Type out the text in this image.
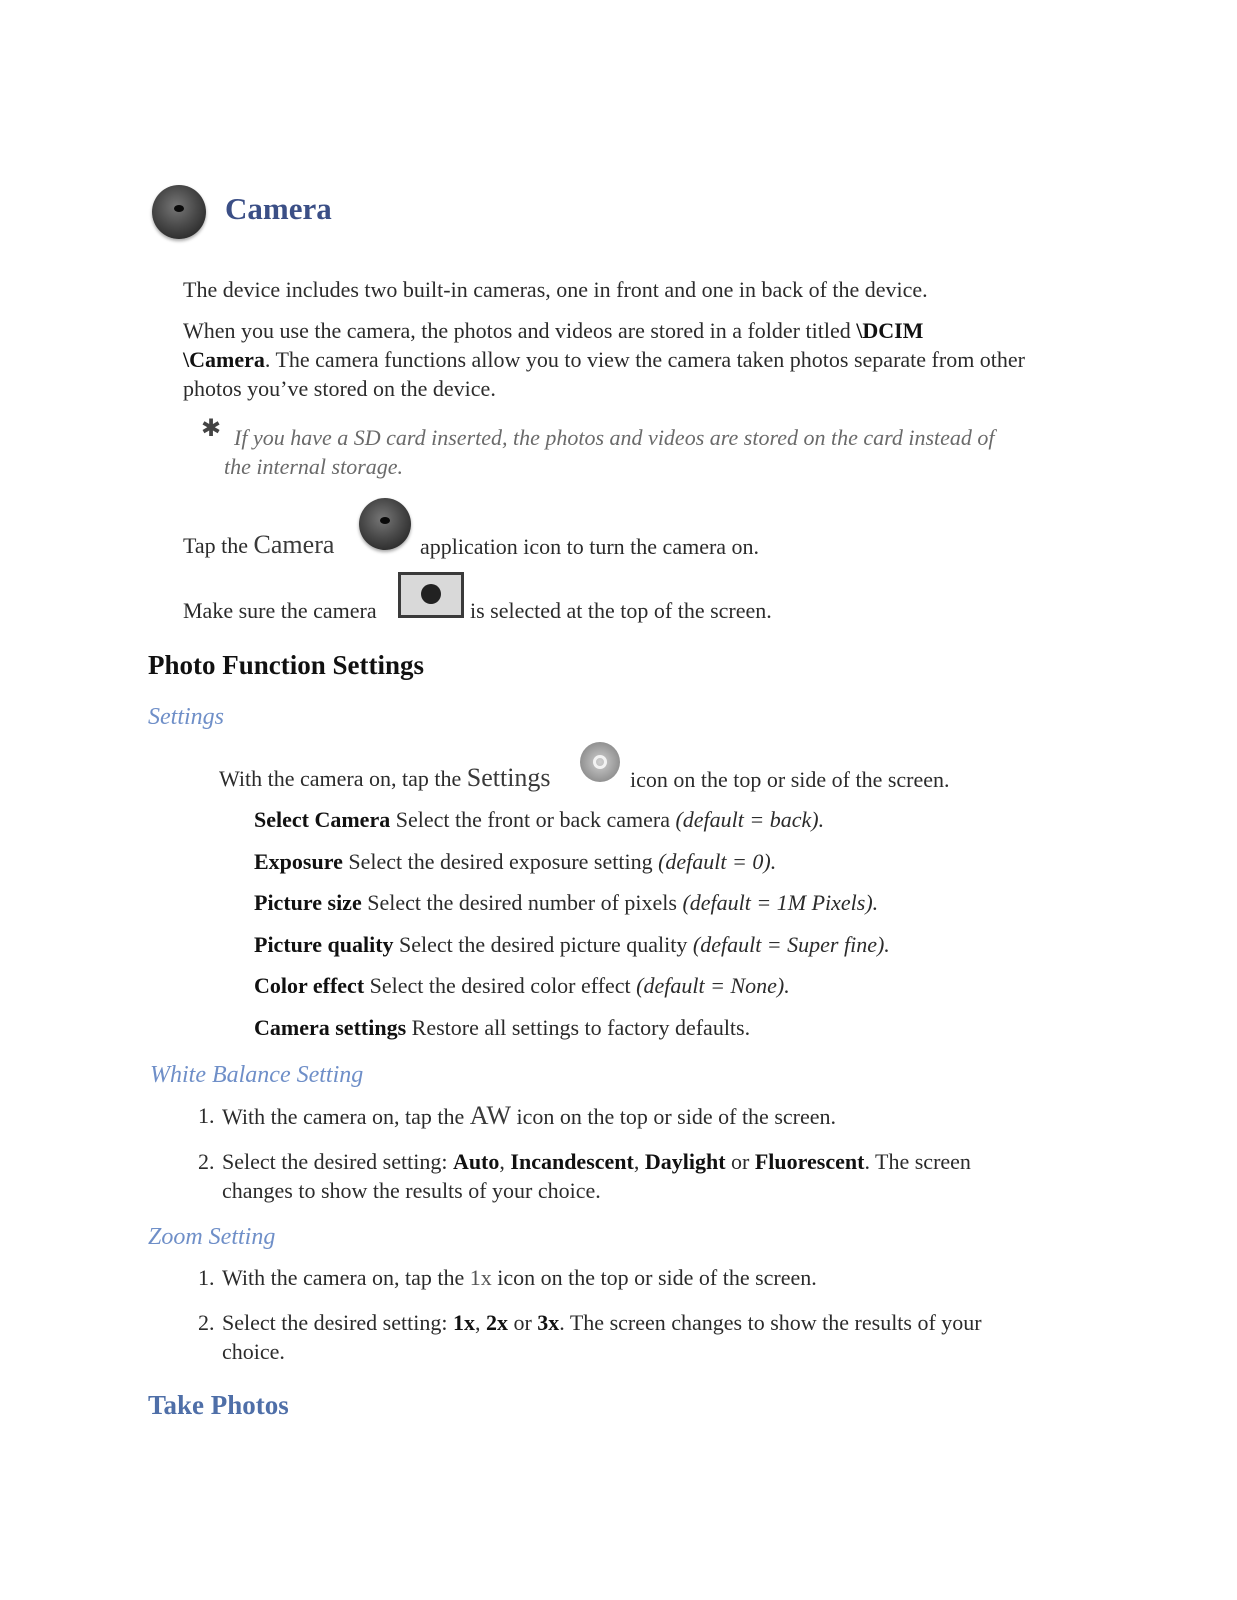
Camera
The device includes two built-in cameras, one in front and one in back of the device.
When you use the camera, the photos and videos are stored in a folder titled \DCIM
\Camera. The camera functions allow you to view the camera taken photos separate from other photos you’ve stored on the device.
✱ If you have a SD card inserted, the photos and videos are stored on the card instead of
the internal storage.
Tap the Camera	application icon to turn the camera on.
Make sure the camera	is selected at the top of the screen.
Photo Function Settings
Settings
With the camera on, tap the Settings	icon on the top or side of the screen.
Select Camera Select the front or back camera (default = back).
Exposure Select the desired exposure setting (default = 0).
Picture size Select the desired number of pixels (default = 1M Pixels).
Picture quality Select the desired picture quality (default = Super fine).
Color effect Select the desired color effect (default = None).
Camera settings Restore all settings to factory defaults.
White Balance Setting
1. With the camera on, tap the AW icon on the top or side of the screen.
2. Select the desired setting: Auto, Incandescent, Daylight or Fluorescent. The screen
changes to show the results of your choice.
Zoom Setting
1. With the camera on, tap the 1x icon on the top or side of the screen.
2. Select the desired setting: 1x, 2x or 3x. The screen changes to show the results of your
choice.
Take Photos
